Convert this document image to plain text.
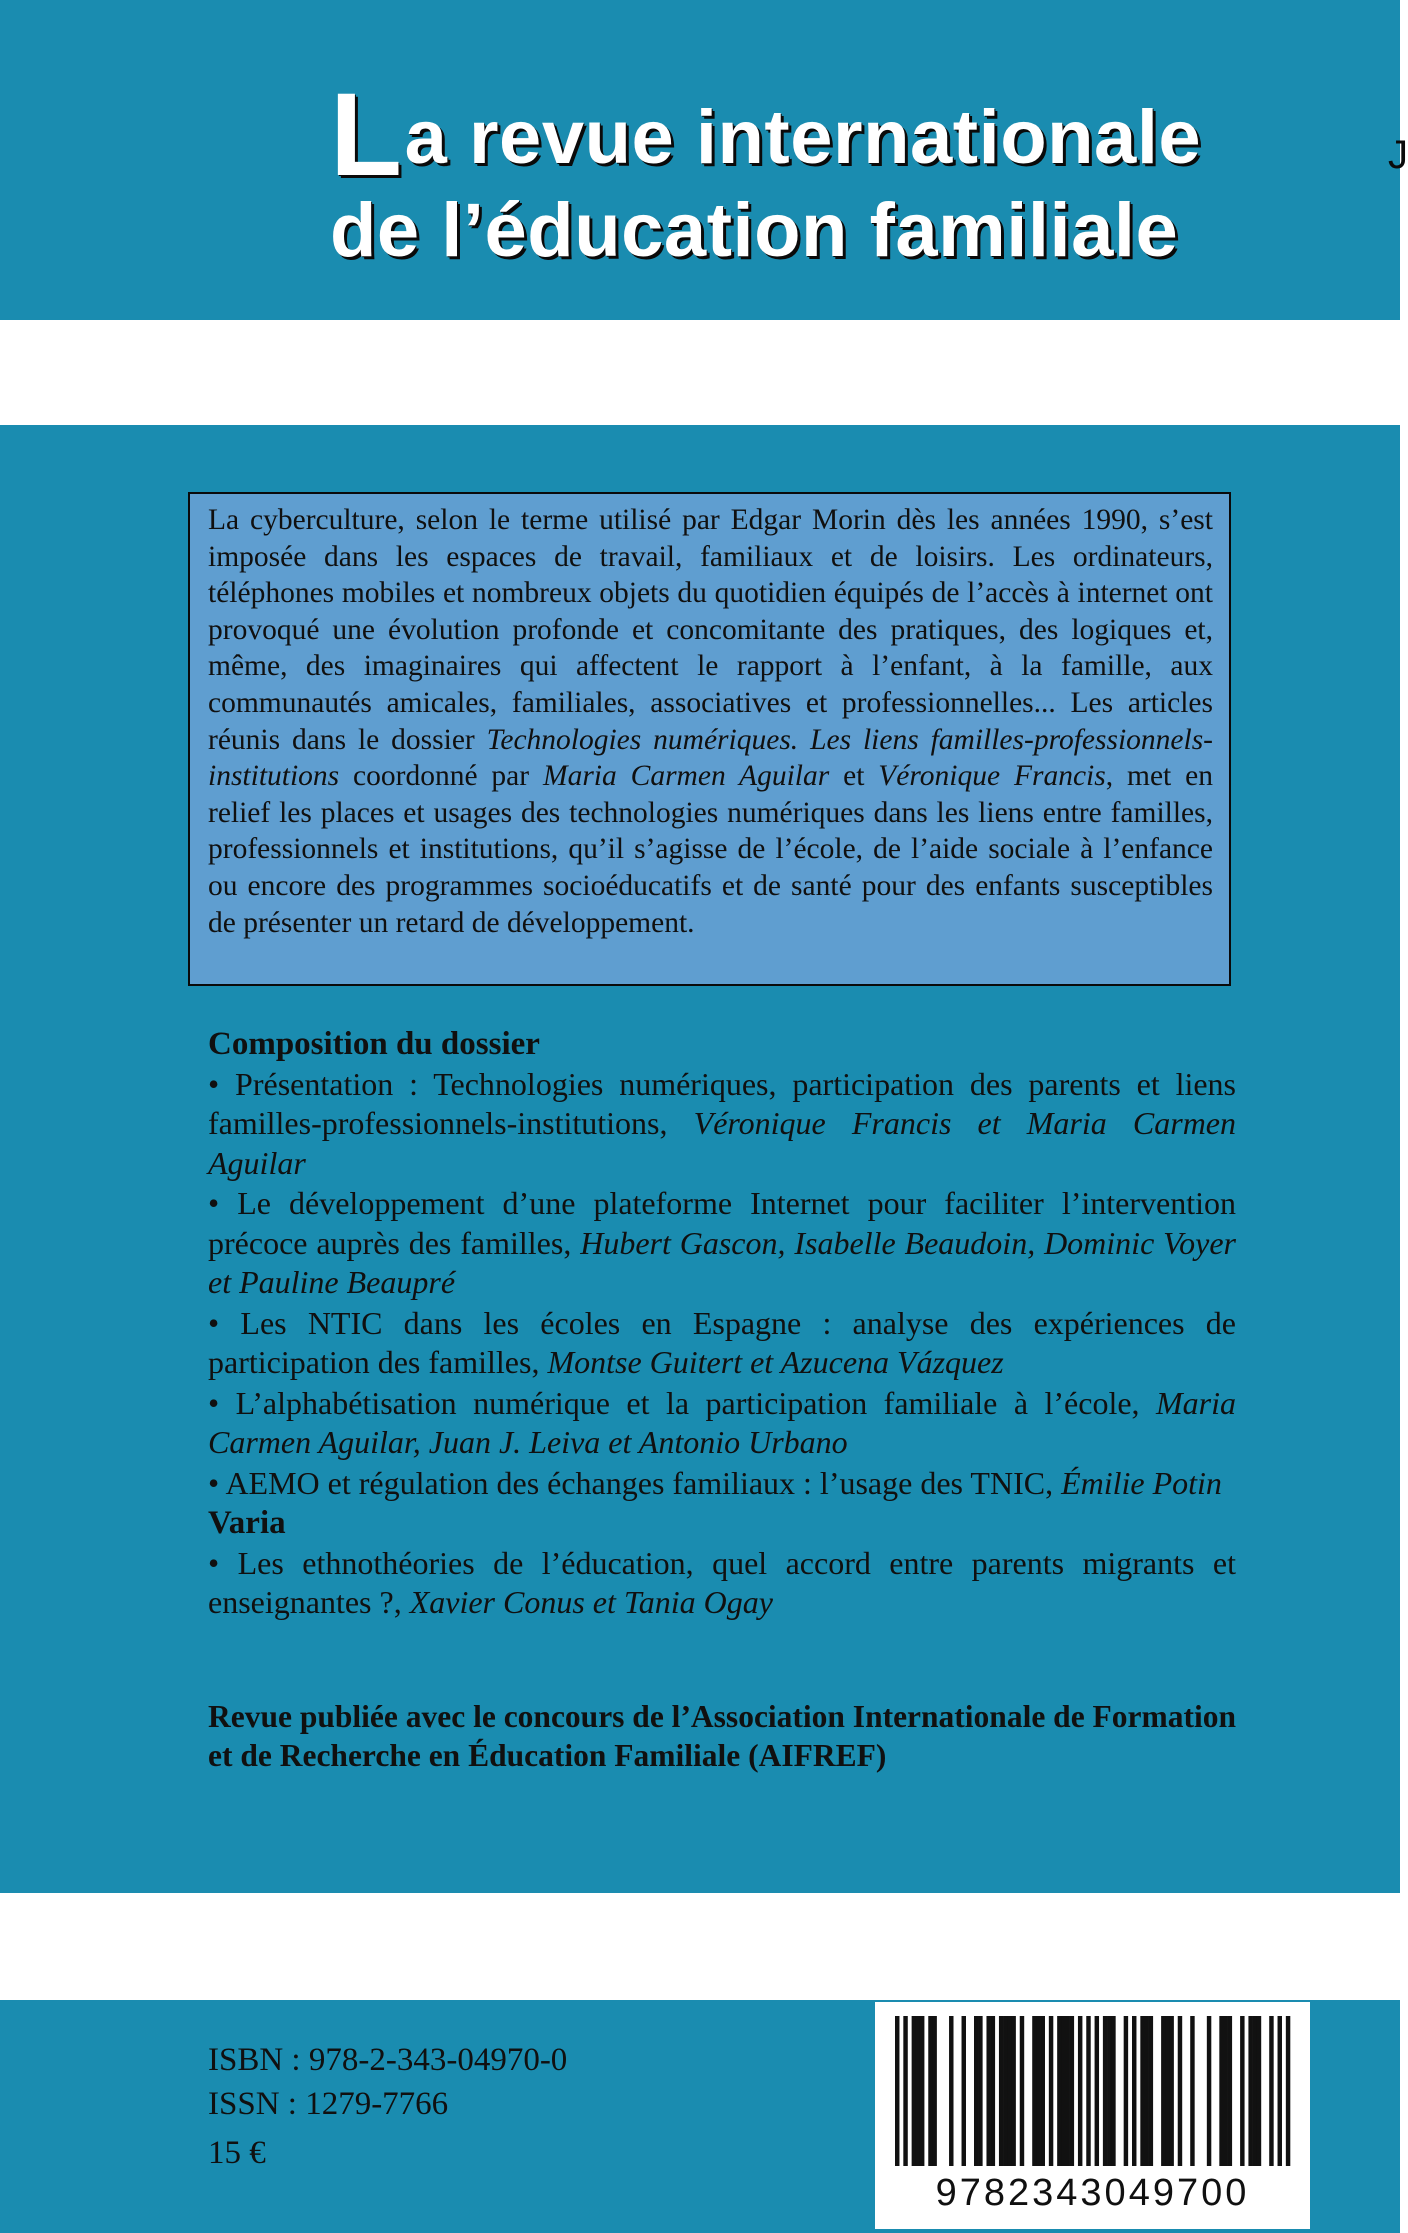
La revue internationale
de l’éducation familiale
J
La cyberculture, selon le terme utilisé par Edgar Morin dès les années 1990, s’est imposée dans les espaces de travail, familiaux et de loisirs. Les ordinateurs, téléphones mobiles et nombreux objets du quotidien équipés de l’accès à internet ont provoqué une évolution profonde et concomitante des pratiques, des logiques et, même, des imaginaires qui affectent le rapport à l’enfant, à la famille, aux communautés amicales, familiales, associatives et professionnelles... Les articles réunis dans le dossier Technologies numériques. Les liens familles-professionnels-institutions coordonné par Maria Carmen Aguilar et Véronique Francis, met en relief les places et usages des technologies numériques dans les liens entre familles, professionnels et institutions, qu’il s’agisse de l’école, de l’aide sociale à l’enfance ou encore des programmes socioéducatifs et de santé pour des enfants susceptibles de présenter un retard de développement.
Composition du dossier
• Présentation : Technologies numériques, participation des parents et liens familles-professionnels-institutions, Véronique Francis et Maria Carmen Aguilar
• Le développement d’une plateforme Internet pour faciliter l’intervention précoce auprès des familles, Hubert Gascon, Isabelle Beaudoin, Dominic Voyer et Pauline Beaupré
• Les NTIC dans les écoles en Espagne : analyse des expériences de participation des familles, Montse Guitert et Azucena Vázquez
• L’alphabétisation numérique et la participation familiale à l’école, Maria Carmen Aguilar, Juan J. Leiva et Antonio Urbano
• AEMO et régulation des échanges familiaux : l’usage des TNIC, Émilie Potin
Varia
• Les ethnothéories de l’éducation, quel accord entre parents migrants et enseignantes ?, Xavier Conus et Tania Ogay
Revue publiée avec le concours de l’Association Internationale de Formation et de Recherche en Éducation Familiale (AIFREF)
ISBN : 978-2-343-04970-0
ISSN : 1279-7766
15 €
9782343049700
